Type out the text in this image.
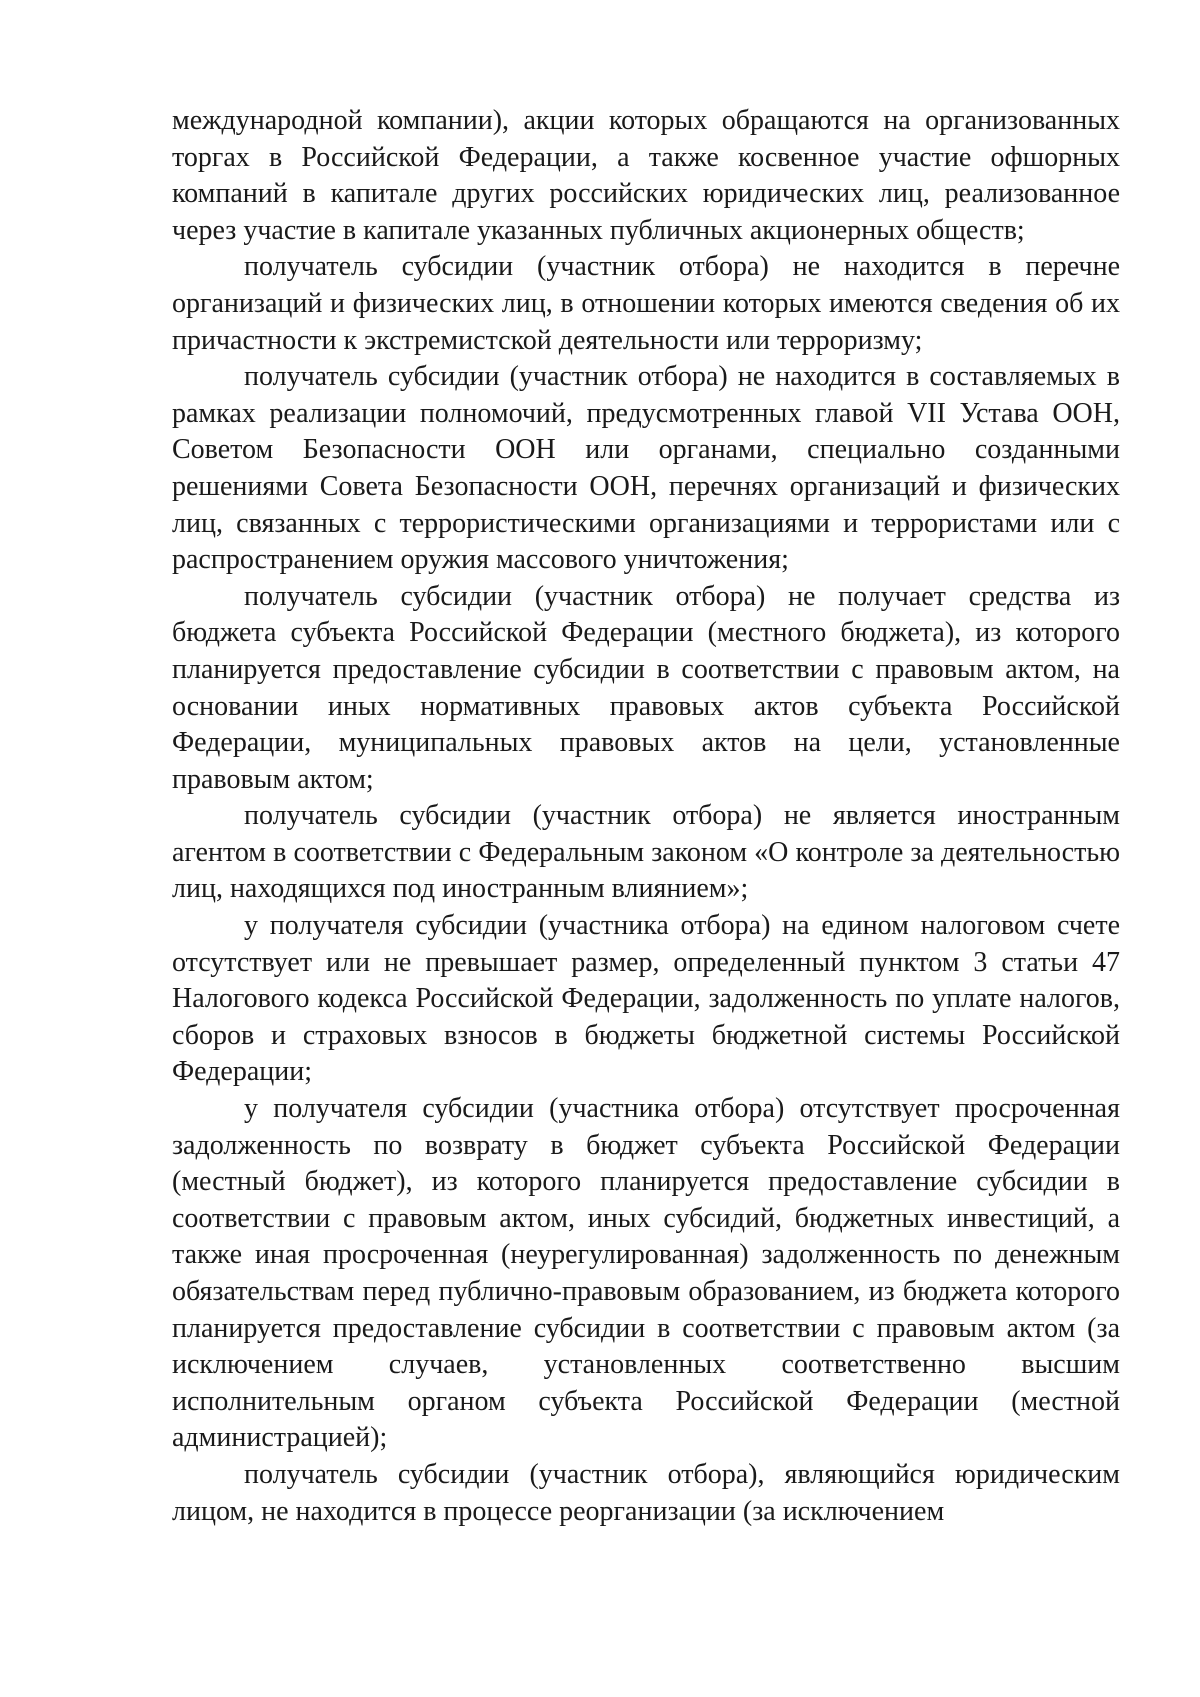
международной компании), акции которых обращаются на организованных торгах в Российской Федерации, а также косвенное участие офшорных компаний в капитале других российских юридических лиц, реализованное через участие в капитале указанных публичных акционерных обществ;

получатель субсидии (участник отбора) не находится в перечне организаций и физических лиц, в отношении которых имеются сведения об их причастности к экстремистской деятельности или терроризму;

получатель субсидии (участник отбора) не находится в составляемых в рамках реализации полномочий, предусмотренных главой VII Устава ООН, Советом Безопасности ООН или органами, специально созданными решениями Совета Безопасности ООН, перечнях организаций и физических лиц, связанных с террористическими организациями и террористами или с распространением оружия массового уничтожения;

получатель субсидии (участник отбора) не получает средства из бюджета субъекта Российской Федерации (местного бюджета), из которого планируется предоставление субсидии в соответствии с правовым актом, на основании иных нормативных правовых актов субъекта Российской Федерации, муниципальных правовых актов на цели, установленные правовым актом;

получатель субсидии (участник отбора) не является иностранным агентом в соответствии с Федеральным законом «О контроле за деятельностью лиц, находящихся под иностранным влиянием»;

у получателя субсидии (участника отбора) на едином налоговом счете отсутствует или не превышает размер, определенный пунктом 3 статьи 47 Налогового кодекса Российской Федерации, задолженность по уплате налогов, сборов и страховых взносов в бюджеты бюджетной системы Российской Федерации;

у получателя субсидии (участника отбора) отсутствует просроченная задолженность по возврату в бюджет субъекта Российской Федерации (местный бюджет), из которого планируется предоставление субсидии в соответствии с правовым актом, иных субсидий, бюджетных инвестиций, а также иная просроченная (неурегулированная) задолженность по денежным обязательствам перед публично-правовым образованием, из бюджета которого планируется предоставление субсидии в соответствии с правовым актом (за исключением случаев, установленных соответственно высшим исполнительным органом субъекта Российской Федерации (местной администрацией);

получатель субсидии (участник отбора), являющийся юридическим лицом, не находится в процессе реорганизации (за исключением
